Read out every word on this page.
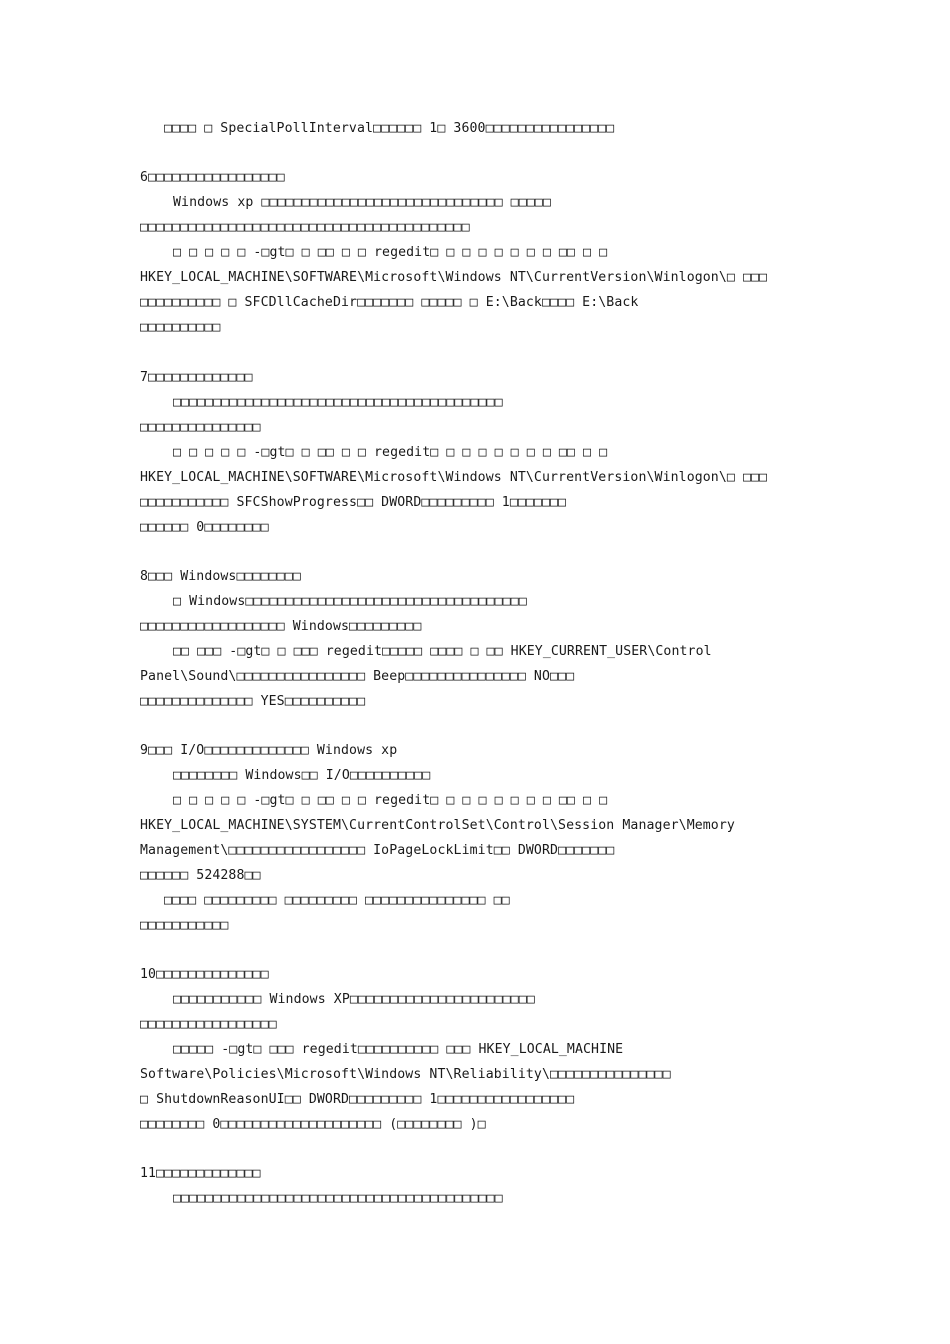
□□□□ □ SpecialPollInterval□□□□□□ 1□ 3600□□□□□□□□□□□□□□□□
6□□□□□□□□□□□□□□□□□
Windows xp □□□□□□□□□□□□□□□□□□□□□□□□□□□□□□ □□□□□
□□□□□□□□□□□□□□□□□□□□□□□□□□□□□□□□□□□□□□□□□
□ □ □ □ □ -□gt□ □ □□ □ □ regedit□ □ □ □ □ □ □ □ □□ □ □
HKEY_LOCAL_MACHINE\SOFTWARE\Microsoft\Windows NT\CurrentVersion\Winlogon\□ □□□
□□□□□□□□□□ □ SFCDllCacheDir□□□□□□□ □□□□□ □ E:\Back□□□□ E:\Back
□□□□□□□□□□
7□□□□□□□□□□□□□
□□□□□□□□□□□□□□□□□□□□□□□□□□□□□□□□□□□□□□□□□
□□□□□□□□□□□□□□□
□ □ □ □ □ -□gt□ □ □□ □ □ regedit□ □ □ □ □ □ □ □ □□ □ □
HKEY_LOCAL_MACHINE\SOFTWARE\Microsoft\Windows NT\CurrentVersion\Winlogon\□ □□□
□□□□□□□□□□□ SFCShowProgress□□ DWORD□□□□□□□□□ 1□□□□□□□
□□□□□□ 0□□□□□□□□
8□□□ Windows□□□□□□□□
□ Windows□□□□□□□□□□□□□□□□□□□□□□□□□□□□□□□□□□□
□□□□□□□□□□□□□□□□□□ Windows□□□□□□□□□
□□ □□□ -□gt□ □ □□□ regedit□□□□□ □□□□ □ □□ HKEY_CURRENT_USER\Control
Panel\Sound\□□□□□□□□□□□□□□□□ Beep□□□□□□□□□□□□□□□ NO□□□
□□□□□□□□□□□□□□ YES□□□□□□□□□□
9□□□ I/O□□□□□□□□□□□□□ Windows xp
□□□□□□□□ Windows□□ I/O□□□□□□□□□□
□ □ □ □ □ -□gt□ □ □□ □ □ regedit□ □ □ □ □ □ □ □ □□ □ □
HKEY_LOCAL_MACHINE\SYSTEM\CurrentControlSet\Control\Session Manager\Memory
Management\□□□□□□□□□□□□□□□□□ IoPageLockLimit□□ DWORD□□□□□□□
□□□□□□ 524288□□
□□□□ □□□□□□□□□ □□□□□□□□□ □□□□□□□□□□□□□□□ □□
□□□□□□□□□□□
10□□□□□□□□□□□□□□
□□□□□□□□□□□ Windows XP□□□□□□□□□□□□□□□□□□□□□□□
□□□□□□□□□□□□□□□□□
□□□□□ -□gt□ □□□ regedit□□□□□□□□□□ □□□ HKEY_LOCAL_MACHINE
Software\Policies\Microsoft\Windows NT\Reliability\□□□□□□□□□□□□□□□
□ ShutdownReasonUI□□ DWORD□□□□□□□□□ 1□□□□□□□□□□□□□□□□□
□□□□□□□□ 0□□□□□□□□□□□□□□□□□□□□ (□□□□□□□□ )□
11□□□□□□□□□□□□□
□□□□□□□□□□□□□□□□□□□□□□□□□□□□□□□□□□□□□□□□□
